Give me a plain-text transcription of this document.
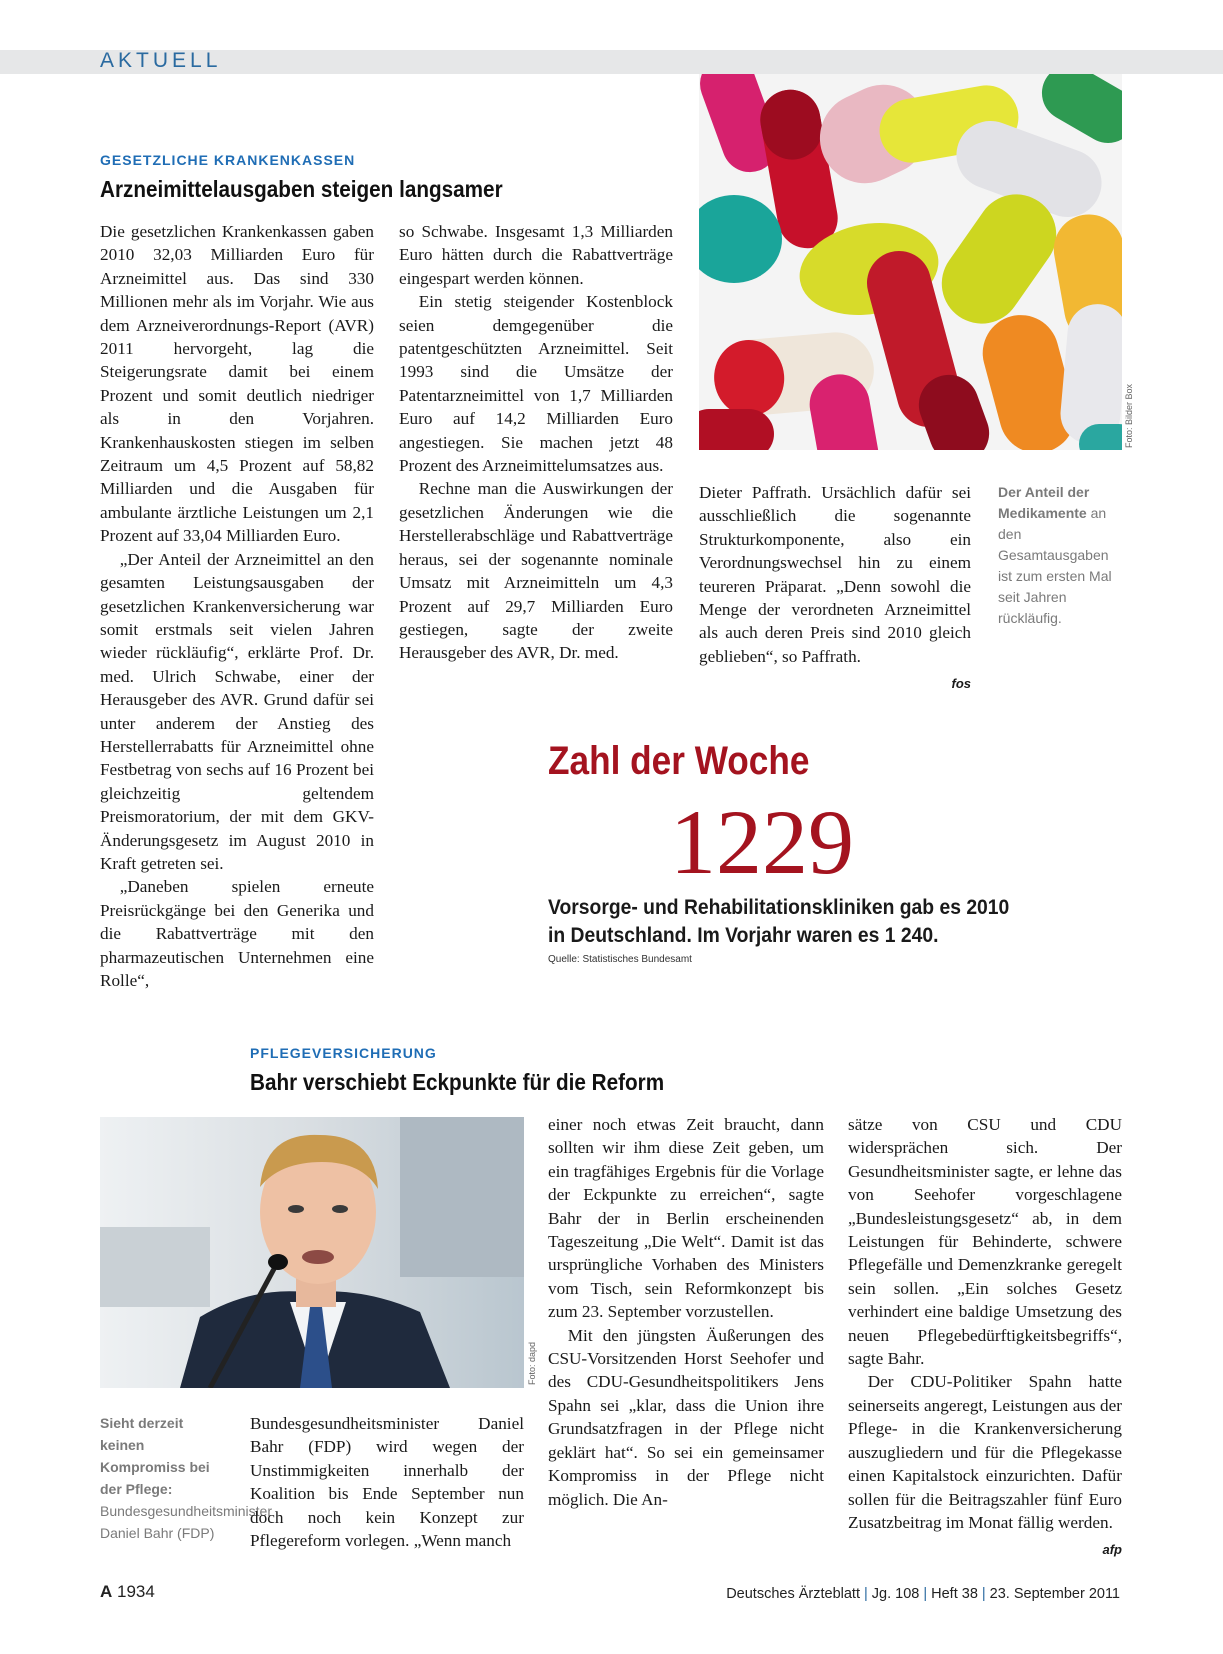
AKTUELL
GESETZLICHE KRANKENKASSEN
Arzneimittelausgaben steigen langsamer

Die gesetzlichen Krankenkassen gaben 2010 32,03 Milliarden Euro für Arzneimittel aus. Das sind 330 Millionen mehr als im Vorjahr. Wie aus dem Arzneiverordnungs-Report (AVR) 2011 hervorgeht, lag die Steigerungsrate damit bei einem Prozent und somit deutlich niedriger als in den Vorjahren. Krankenhauskosten stiegen im selben Zeitraum um 4,5 Prozent auf 58,82 Milliarden und die Ausgaben für ambulante ärztliche Leistungen um 2,1 Prozent auf 33,04 Milliarden Euro.

„Der Anteil der Arzneimittel an den gesamten Leistungsausgaben der gesetzlichen Krankenversicherung war somit erstmals seit vielen Jahren wieder rückläufig“, erklärte Prof. Dr. med. Ulrich Schwabe, einer der Herausgeber des AVR. Grund dafür sei unter anderem der Anstieg des Herstellerrabatts für Arzneimittel ohne Festbetrag von sechs auf 16 Prozent bei gleichzeitig geltendem Preismoratorium, der mit dem GKV-Änderungsgesetz im August 2010 in Kraft getreten sei.

„Daneben spielen erneute Preisrückgänge bei den Generika und die Rabattverträge mit den pharmazeutischen Unternehmen eine Rolle“,

so Schwabe. Insgesamt 1,3 Milliarden Euro hätten durch die Rabattverträge eingespart werden können.

Ein stetig steigender Kostenblock seien demgegenüber die patentgeschützten Arzneimittel. Seit 1993 sind die Umsätze der Patentarzneimittel von 1,7 Milliarden Euro auf 14,2 Milliarden Euro angestiegen. Sie machen jetzt 48 Prozent des Arzneimittelumsatzes aus.

Rechne man die Auswirkungen der gesetzlichen Änderungen wie die Herstellerabschläge und Rabattverträge heraus, sei der sogenannte nominale Umsatz mit Arzneimitteln um 4,3 Prozent auf 29,7 Milliarden Euro gestiegen, sagte der zweite Herausgeber des AVR, Dr. med.

Foto: Bilder Box

Dieter Paffrath. Ursächlich dafür sei ausschließlich die sogenannte Strukturkomponente, also ein Verordnungswechsel hin zu einem teureren Präparat. „Denn sowohl die Menge der verordneten Arzneimittel als auch deren Preis sind 2010 gleich geblieben“, so Paffrath.

fos
Der Anteil der Medikamente an den Gesamtausgaben ist zum ersten Mal seit Jahren rückläufig.
Zahl der Woche
1229
Vorsorge- und Rehabilitationskliniken gab es 2010
in Deutschland. Im Vorjahr waren es 1 240.
Quelle: Statistisches Bundesamt
PFLEGEVERSICHERUNG
Bahr verschiebt Eckpunkte für die Reform
Foto: dapd
Sieht derzeit keinen Kompromiss bei der Pflege: Bundesgesundheitsminister Daniel Bahr (FDP)

Bundesgesundheitsminister Daniel Bahr (FDP) wird wegen der Unstimmigkeiten innerhalb der Koalition bis Ende September nun doch noch kein Konzept zur Pflegereform vorlegen. „Wenn manch

einer noch etwas Zeit braucht, dann sollten wir ihm diese Zeit geben, um ein tragfähiges Ergebnis für die Vorlage der Eckpunkte zu erreichen“, sagte Bahr der in Berlin erscheinenden Tageszeitung „Die Welt“. Damit ist das ursprüngliche Vorhaben des Ministers vom Tisch, sein Reformkonzept bis zum 23. September vorzustellen.

Mit den jüngsten Äußerungen des CSU-Vorsitzenden Horst Seehofer und des CDU-Gesundheitspolitikers Jens Spahn sei „klar, dass die Union ihre Grundsatzfragen in der Pflege nicht geklärt hat“. So sei ein gemeinsamer Kompromiss in der Pflege nicht möglich. Die An-

sätze von CSU und CDU widersprächen sich. Der Gesundheitsminister sagte, er lehne das von Seehofer vorgeschlagene „Bundesleistungsgesetz“ ab, in dem Leistungen für Behinderte, schwere Pflegefälle und Demenzkranke geregelt sein sollen. „Ein solches Gesetz verhindert eine baldige Umsetzung des neuen Pflegebedürftigkeitsbegriffs“, sagte Bahr.

Der CDU-Politiker Spahn hatte seinerseits angeregt, Leistungen aus der Pflege- in die Krankenversicherung auszugliedern und für die Pflegekasse einen Kapitalstock einzurichten. Dafür sollen für die Beitragszahler fünf Euro Zusatzbeitrag im Monat fällig werden.

afp
A 1934	Deutsches Ärzteblatt | Jg. 108 | Heft 38 | 23. September 2011
